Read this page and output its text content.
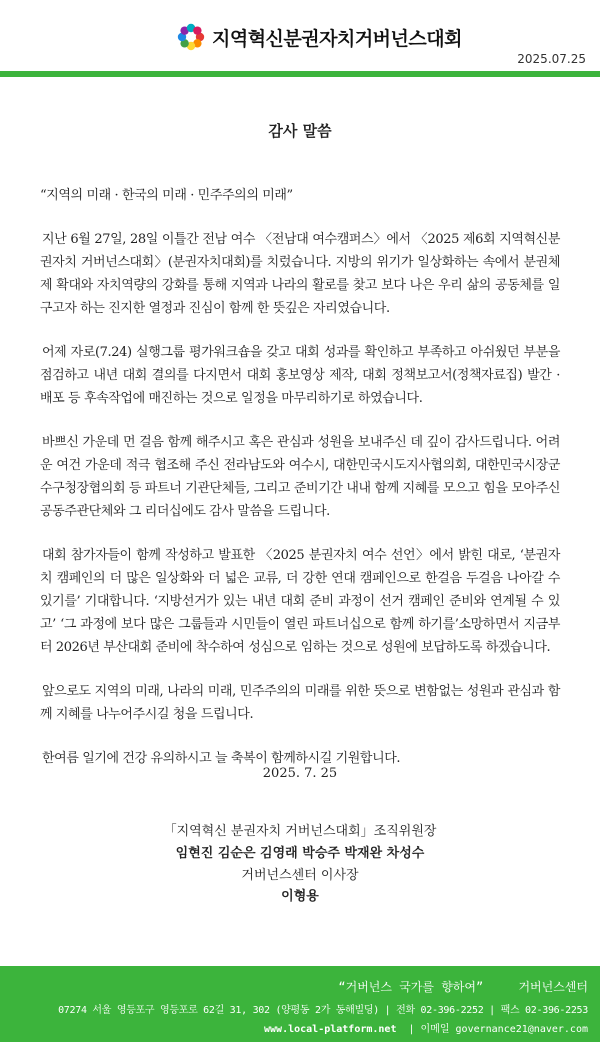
지역혁신분권자치거버넌스대회
2025.07.25
감사 말씀

“지역의 미래 · 한국의 미래 · 민주주의의 미래”

지난 6월 27일, 28일 이틀간 전남 여수 〈전남대 여수캠퍼스〉에서 〈2025 제6회 지역혁신분권자치 거버넌스대회〉(분권자치대회)를 치렀습니다. 지방의 위기가 일상화하는 속에서 분권체제 확대와 자치역량의 강화를 통해 지역과 나라의 활로를 찾고 보다 나은 우리 삶의 공동체를 일구고자 하는 진지한 열정과 진심이 함께 한 뜻깊은 자리였습니다.

어제 자로(7.24) 실행그룹 평가워크숍을 갖고 대회 성과를 확인하고 부족하고 아쉬웠던 부분을 점검하고 내년 대회 결의를 다지면서 대회 홍보영상 제작, 대회 정책보고서(정책자료집) 발간 · 배포 등 후속작업에 매진하는 것으로 일정을 마무리하기로 하였습니다.

바쁘신 가운데 먼 걸음 함께 해주시고 혹은 관심과 성원을 보내주신 데 깊이 감사드립니다. 어려운 여건 가운데 적극 협조해 주신 전라남도와 여수시, 대한민국시도지사협의회, 대한민국시장군수구청장협의회 등 파트너 기관단체들, 그리고 준비기간 내내 함께 지혜를 모으고 힘을 모아주신 공동주관단체와 그 리더십에도 감사 말씀을 드립니다.

대회 참가자들이 함께 작성하고 발표한 〈2025 분권자치 여수 선언〉에서 밝힌 대로, ‘분권자치 캠페인의 더 많은 일상화와 더 넓은 교류, 더 강한 연대 캠페인으로 한걸음 두걸음 나아갈 수 있기를’ 기대합니다. ‘지방선거가 있는 내년 대회 준비 과정이 선거 캠페인 준비와 연계될 수 있고’ ‘그 과정에 보다 많은 그룹들과 시민들이 열린 파트너십으로 함께 하기를’소망하면서 지금부터 2026년 부산대회 준비에 착수하여 성심으로 임하는 것으로 성원에 보답하도록 하겠습니다.

앞으로도 지역의 미래, 나라의 미래, 민주주의의 미래를 위한 뜻으로 변함없는 성원과 관심과 함께 지혜를 나누어주시길 청을 드립니다.

한여름 일기에 건강 유의하시고 늘 축복이 함께하시길 기원합니다.

2025. 7. 25
「지역혁신 분권자치 거버넌스대회」조직위원장
임현진 김순은 김영래 박승주 박재완 차성수
거버넌스센터 이사장
이형용
“거버넌스 국가를 향하여”	거버넌스센터
07274 서울 영등포구 영등포로 62길 31, 302 (양평동 2가 동해빌딩) | 전화 02-396-2252 | 팩스 02-396-2253
www.local-platform.net | 이메일 governance21@naver.com
